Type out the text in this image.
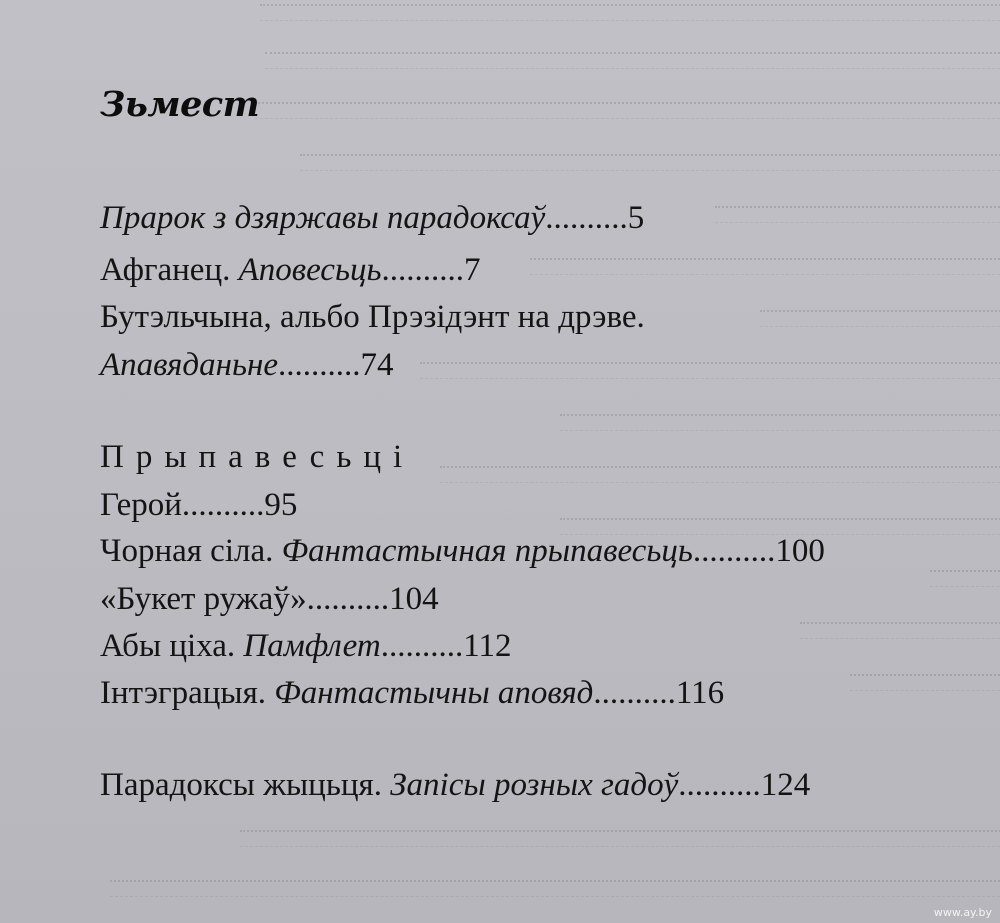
Зьмест

Прарок з дзяржавы парадоксаў..........5

Афганец. Аповесьць..........7

Бутэльчына, альбо Прэзідэнт на дрэве.

Апавяданьне..........74

Прыпавесьці

Герой..........95

Чорная сіла. Фантастычная прыпавесьць..........100

«Букет ружаў»..........104

Абы ціха. Памфлет..........112

Інтэграцыя. Фантастычны аповяд..........116

Парадоксы жыцьця. Запісы розных гадоў..........124

www.ay.by
